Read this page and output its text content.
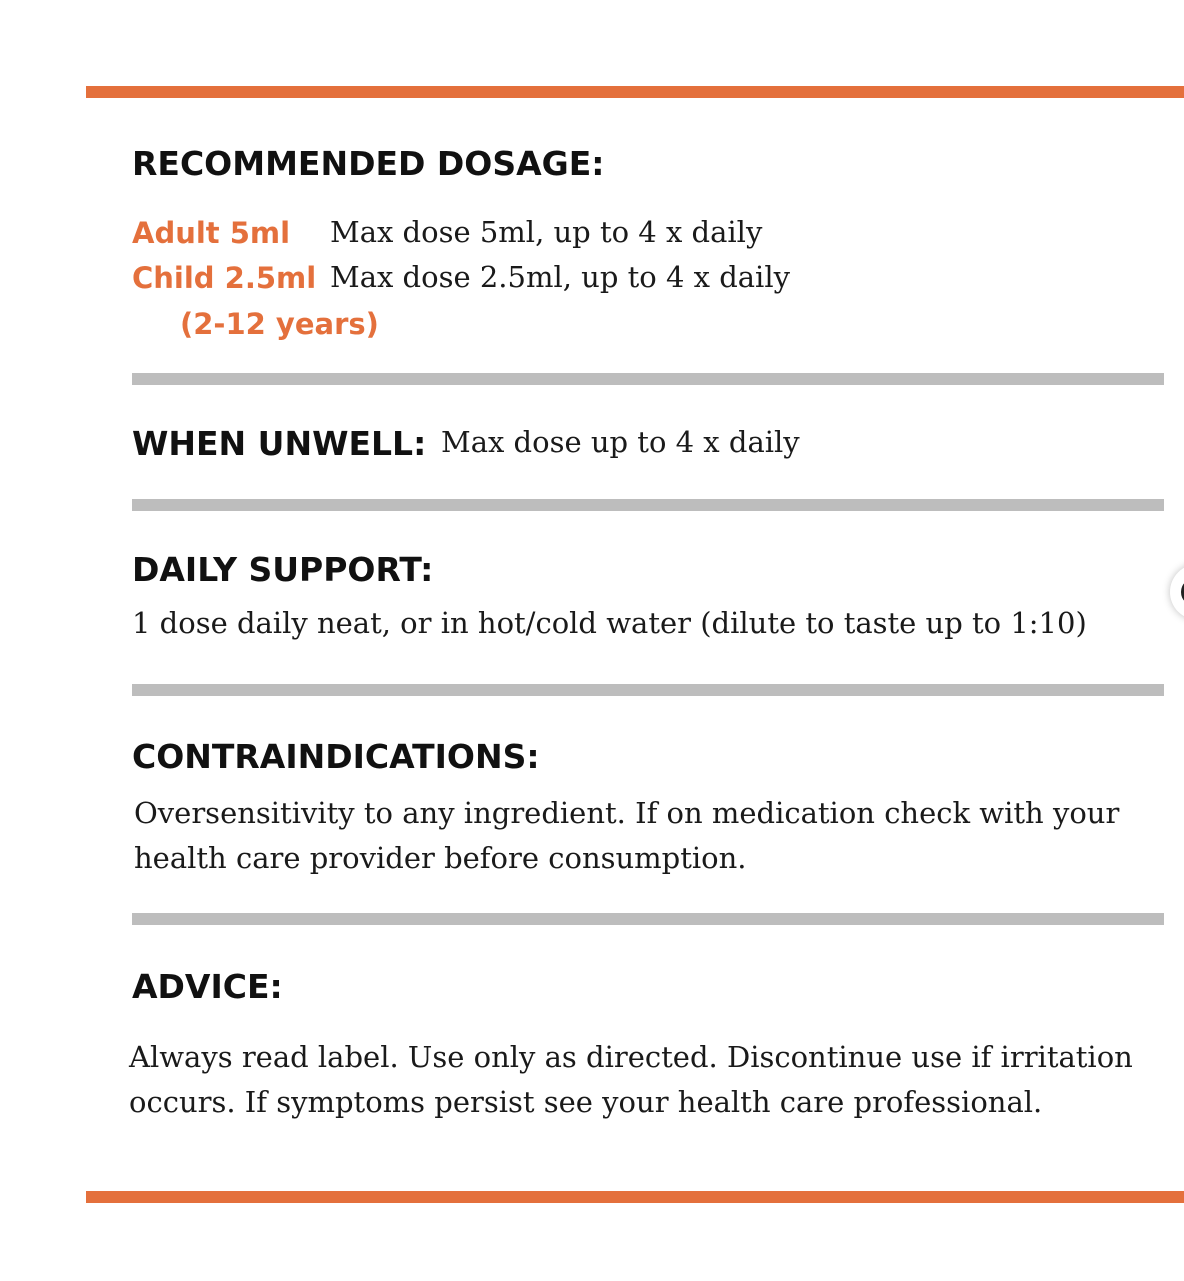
RECOMMENDED DOSAGE:
Adult 5ml Max dose 5ml, up to 4 x daily
Child 2.5ml Max dose 2.5ml, up to 4 x daily
(2-12 years)
WHEN UNWELL: Max dose up to 4 x daily
DAILY SUPPORT:
1 dose daily neat, or in hot/cold water (dilute to taste up to 1:10)
CONTRAINDICATIONS:
Oversensitivity to any ingredient. If on medication check with your
health care provider before consumption.
ADVICE:
Always read label. Use only as directed. Discontinue use if irritation
occurs. If symptoms persist see your health care professional.
